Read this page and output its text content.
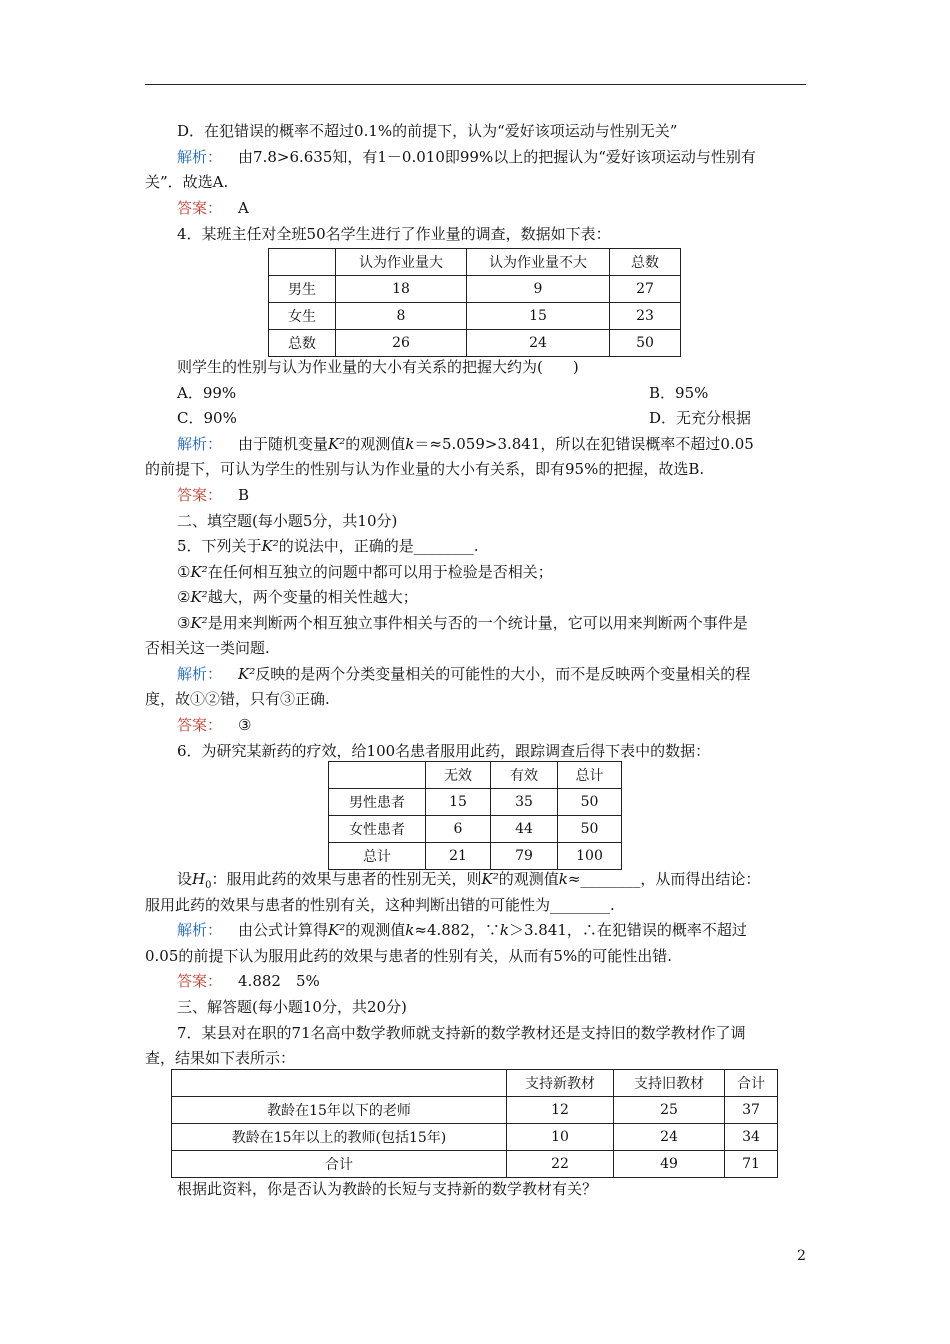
D．在犯错误的概率不超过0.1%的前提下，认为“爱好该项运动与性别无关”
解析： 由7.8>6.635知，有1－0.010即99%以上的把握认为“爱好该项运动与性别有
关”．故选A.
答案： A
4．某班主任对全班50名学生进行了作业量的调查，数据如下表：
	认为作业量大	认为作业量不大	总数
男生	18	9	27
女生	8	15	23
总数	26	24	50
则学生的性别与认为作业量的大小有关系的把握大约为(　　)
A．99%	B．95%
C．90%	D．无充分根据
解析： 由于随机变量K²的观测值k＝≈5.059>3.841，所以在犯错误概率不超过0.05
的前提下，可认为学生的性别与认为作业量的大小有关系，即有95%的把握，故选B.
答案： B
二、填空题(每小题5分，共10分)
5．下列关于K²的说法中，正确的是________.
①K²在任何相互独立的问题中都可以用于检验是否相关；
②K²越大，两个变量的相关性越大；
③K²是用来判断两个相互独立事件相关与否的一个统计量，它可以用来判断两个事件是
否相关这一类问题.
解析： K²反映的是两个分类变量相关的可能性的大小，而不是反映两个变量相关的程
度，故①②错，只有③正确.
答案： ③
6．为研究某新药的疗效，给100名患者服用此药，跟踪调查后得下表中的数据：
	无效	有效	总计
男性患者	15	35	50
女性患者	6	44	50
总计	21	79	100
设$H_0$：服用此药的效果与患者的性别无关，则K²的观测值k≈________，从而得出结论：
服用此药的效果与患者的性别有关，这种判断出错的可能性为________.
解析： 由公式计算得K²的观测值k≈4.882，∵k＞3.841，∴在犯错误的概率不超过
0.05的前提下认为服用此药的效果与患者的性别有关，从而有5%的可能性出错.
答案： 4.882　5%
三、解答题(每小题10分，共20分)
7．某县对在职的71名高中数学教师就支持新的数学教材还是支持旧的数学教材作了调
查，结果如下表所示：
	支持新教材	支持旧教材	合计
教龄在15年以下的老师	12	25	37
教龄在15年以上的教师(包括15年)	10	24	34
合计	22	49	71
根据此资料，你是否认为教龄的长短与支持新的数学教材有关？
2
